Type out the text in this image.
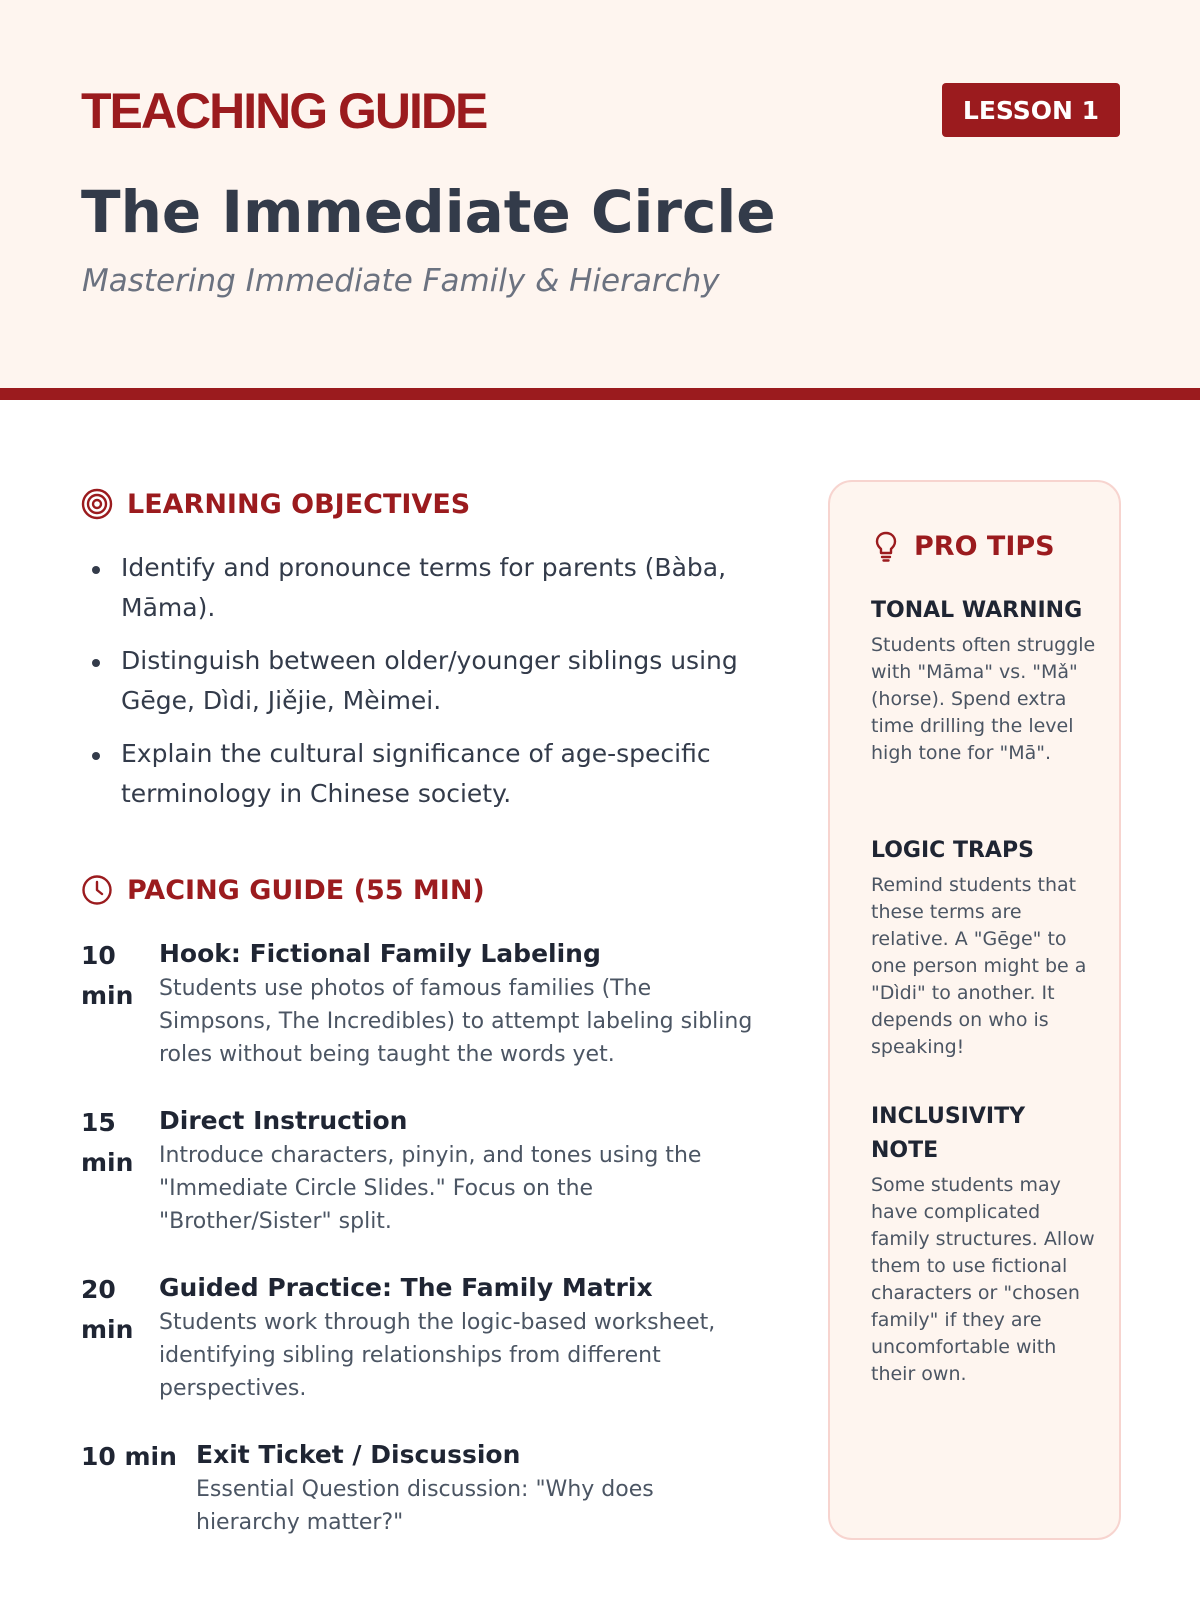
TEACHING GUIDE	LESSON 1
The Immediate Circle
Mastering Immediate Family & Hierarchy
LEARNING OBJECTIVES
Identify and pronounce terms for parents (Bàba, Māma).
Distinguish between older/younger siblings using Gēge, Dìdi, Jiějie, Mèimei.
Explain the cultural significance of age-specific terminology in Chinese society.
PACING GUIDE (55 MIN)
10 min
Hook: Fictional Family Labeling
Students use photos of famous families (The Simpsons, The Incredibles) to attempt labeling sibling roles without being taught the words yet.
15 min
Direct Instruction
Introduce characters, pinyin, and tones using the "Immediate Circle Slides." Focus on the "Brother/Sister" split.
20 min
Guided Practice: The Family Matrix
Students work through the logic-based worksheet, identifying sibling relationships from different perspectives.
10 min Exit Ticket / Discussion
Essential Question discussion: "Why does hierarchy matter?"
PRO TIPS
TONAL WARNING
Students often struggle with "Māma" vs. "Mǎ" (horse). Spend extra time drilling the level high tone for "Mā".
LOGIC TRAPS
Remind students that these terms are relative. A "Gēge" to one person might be a "Dìdi" to another. It depends on who is speaking!
INCLUSIVITY NOTE
Some students may have complicated family structures. Allow them to use fictional characters or "chosen family" if they are uncomfortable with their own.
